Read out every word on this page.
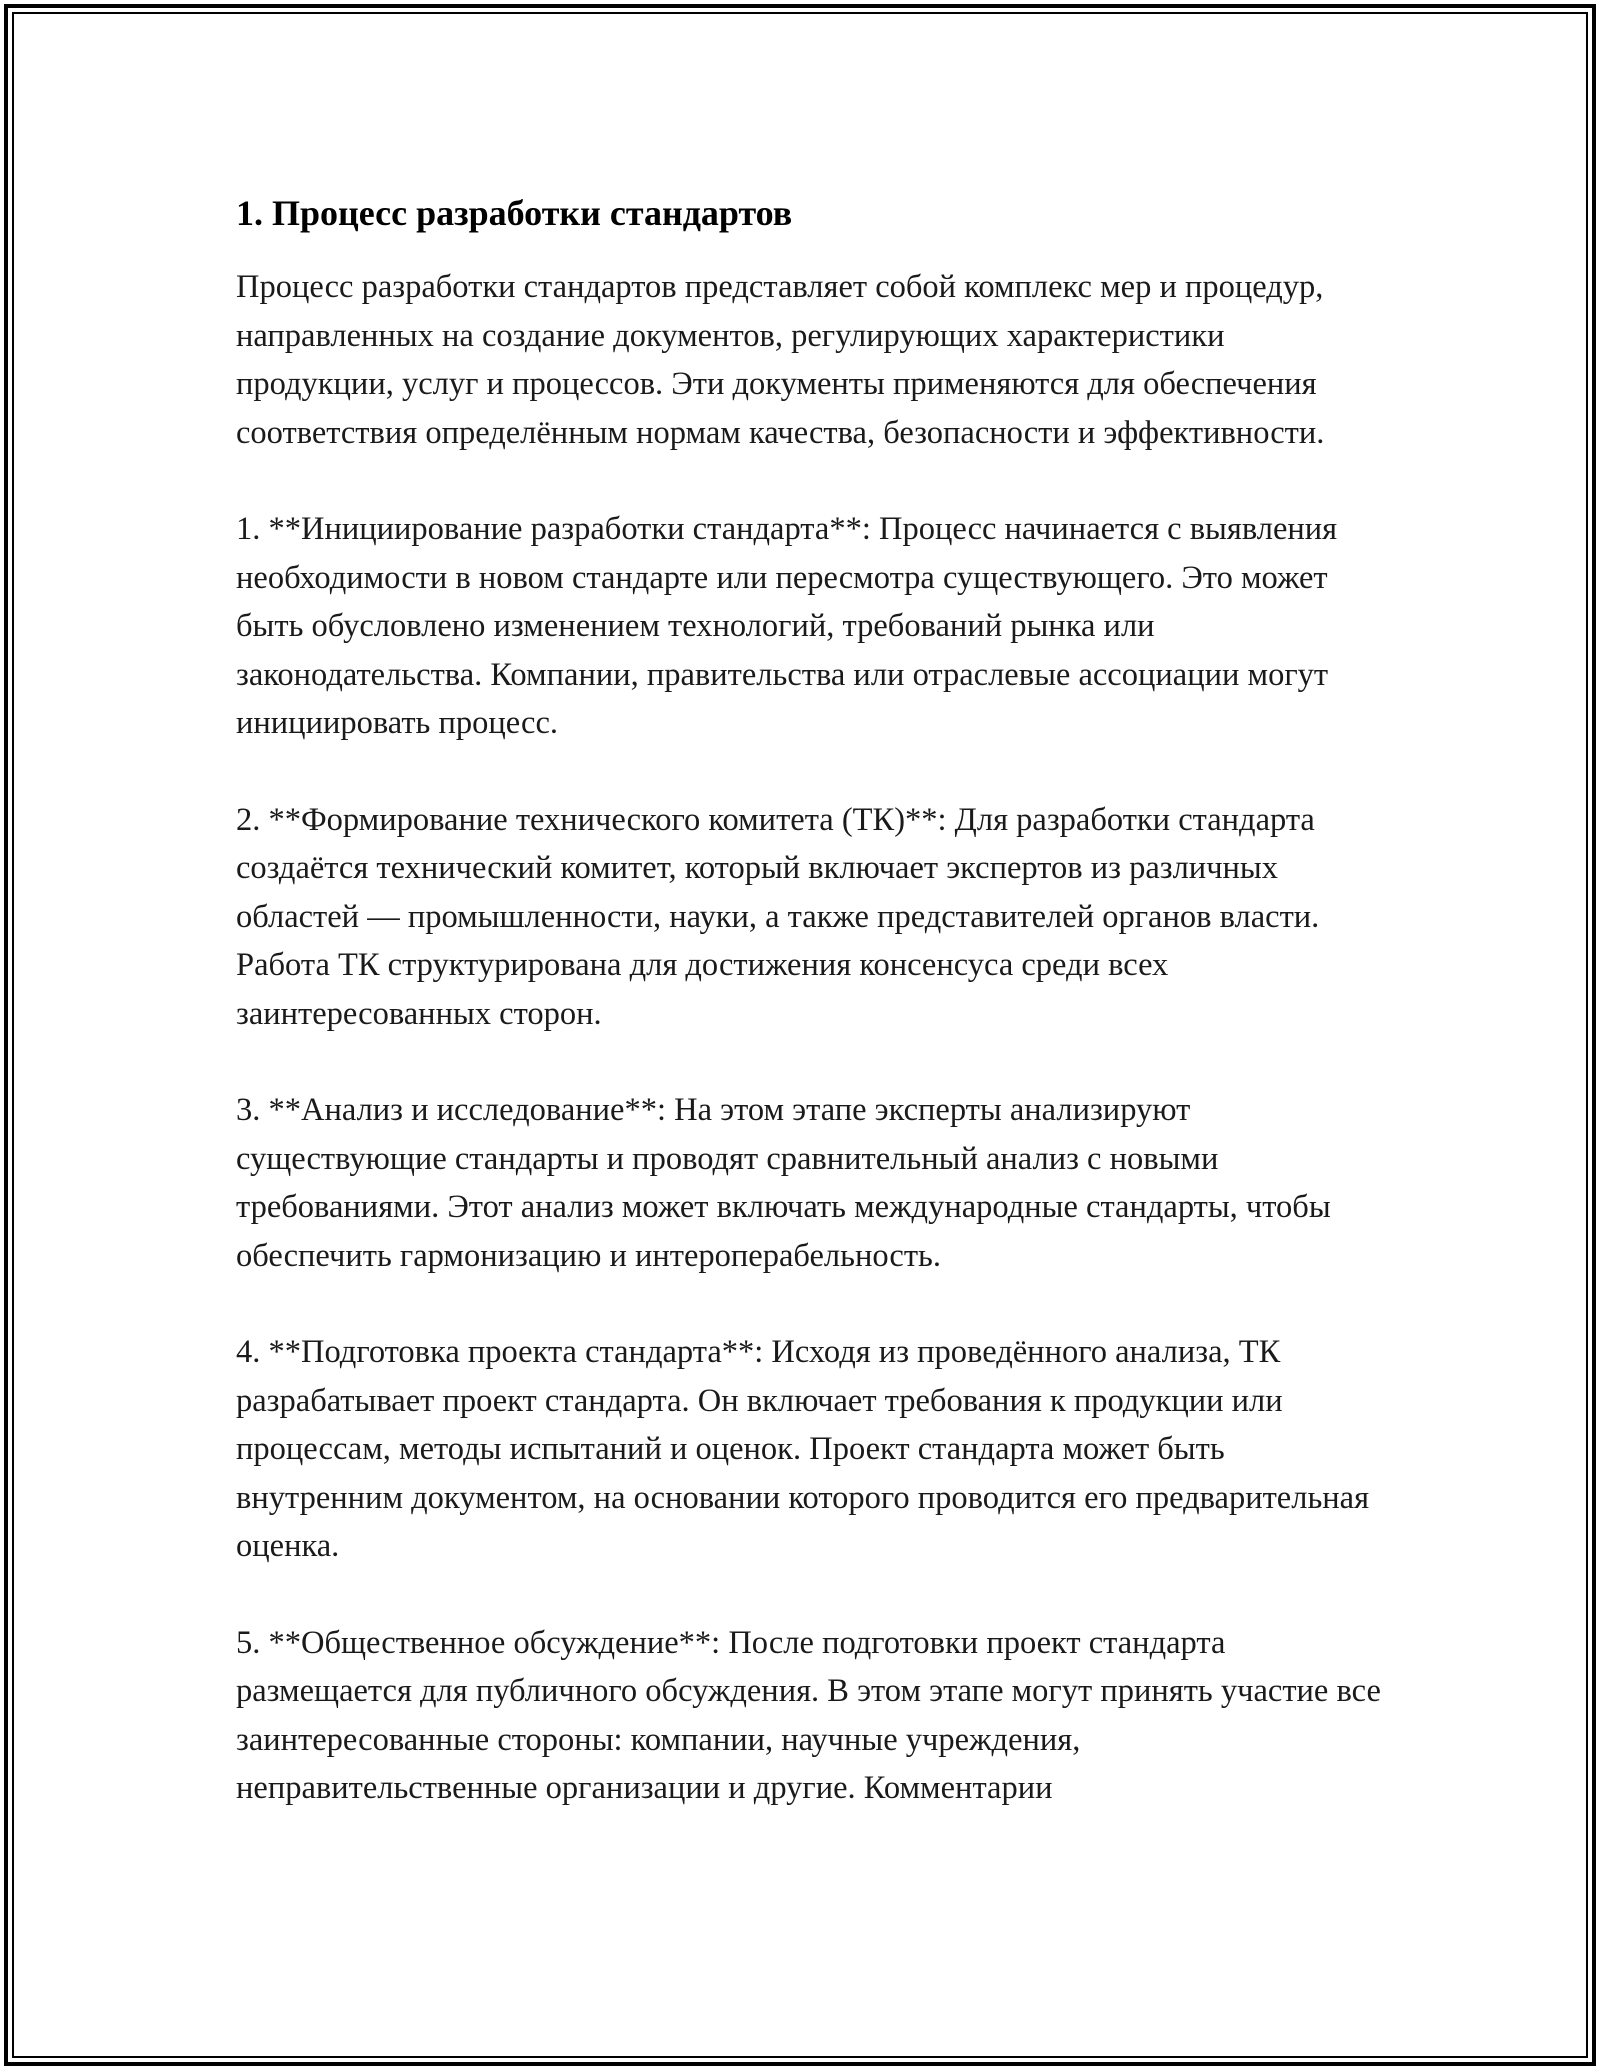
1. Процесс разработки стандартов

Процесс разработки стандартов представляет собой комплекс мер и процедур, направленных на создание документов, регулирующих характеристики продукции, услуг и процессов. Эти документы применяются для обеспечения соответствия определённым нормам качества, безопасности и эффективности.

1. **Инициирование разработки стандарта**: Процесс начинается с выявления необходимости в новом стандарте или пересмотра существующего. Это может быть обусловлено изменением технологий, требований рынка или законодательства. Компании, правительства или отраслевые ассоциации могут инициировать процесс.

2. **Формирование технического комитета (ТК)**: Для разработки стандарта создаётся технический комитет, который включает экспертов из различных областей — промышленности, науки, а также представителей органов власти. Работа ТК структурирована для достижения консенсуса среди всех заинтересованных сторон.

3. **Анализ и исследование**: На этом этапе эксперты анализируют существующие стандарты и проводят сравнительный анализ с новыми требованиями. Этот анализ может включать международные стандарты, чтобы обеспечить гармонизацию и интероперабельность.

4. **Подготовка проекта стандарта**: Исходя из проведённого анализа, ТК разрабатывает проект стандарта. Он включает требования к продукции или процессам, методы испытаний и оценок. Проект стандарта может быть внутренним документом, на основании которого проводится его предварительная оценка.

5. **Общественное обсуждение**: После подготовки проект стандарта размещается для публичного обсуждения. В этом этапе могут принять участие все заинтересованные стороны: компании, научные учреждения, неправительственные организации и другие. Комментарии
